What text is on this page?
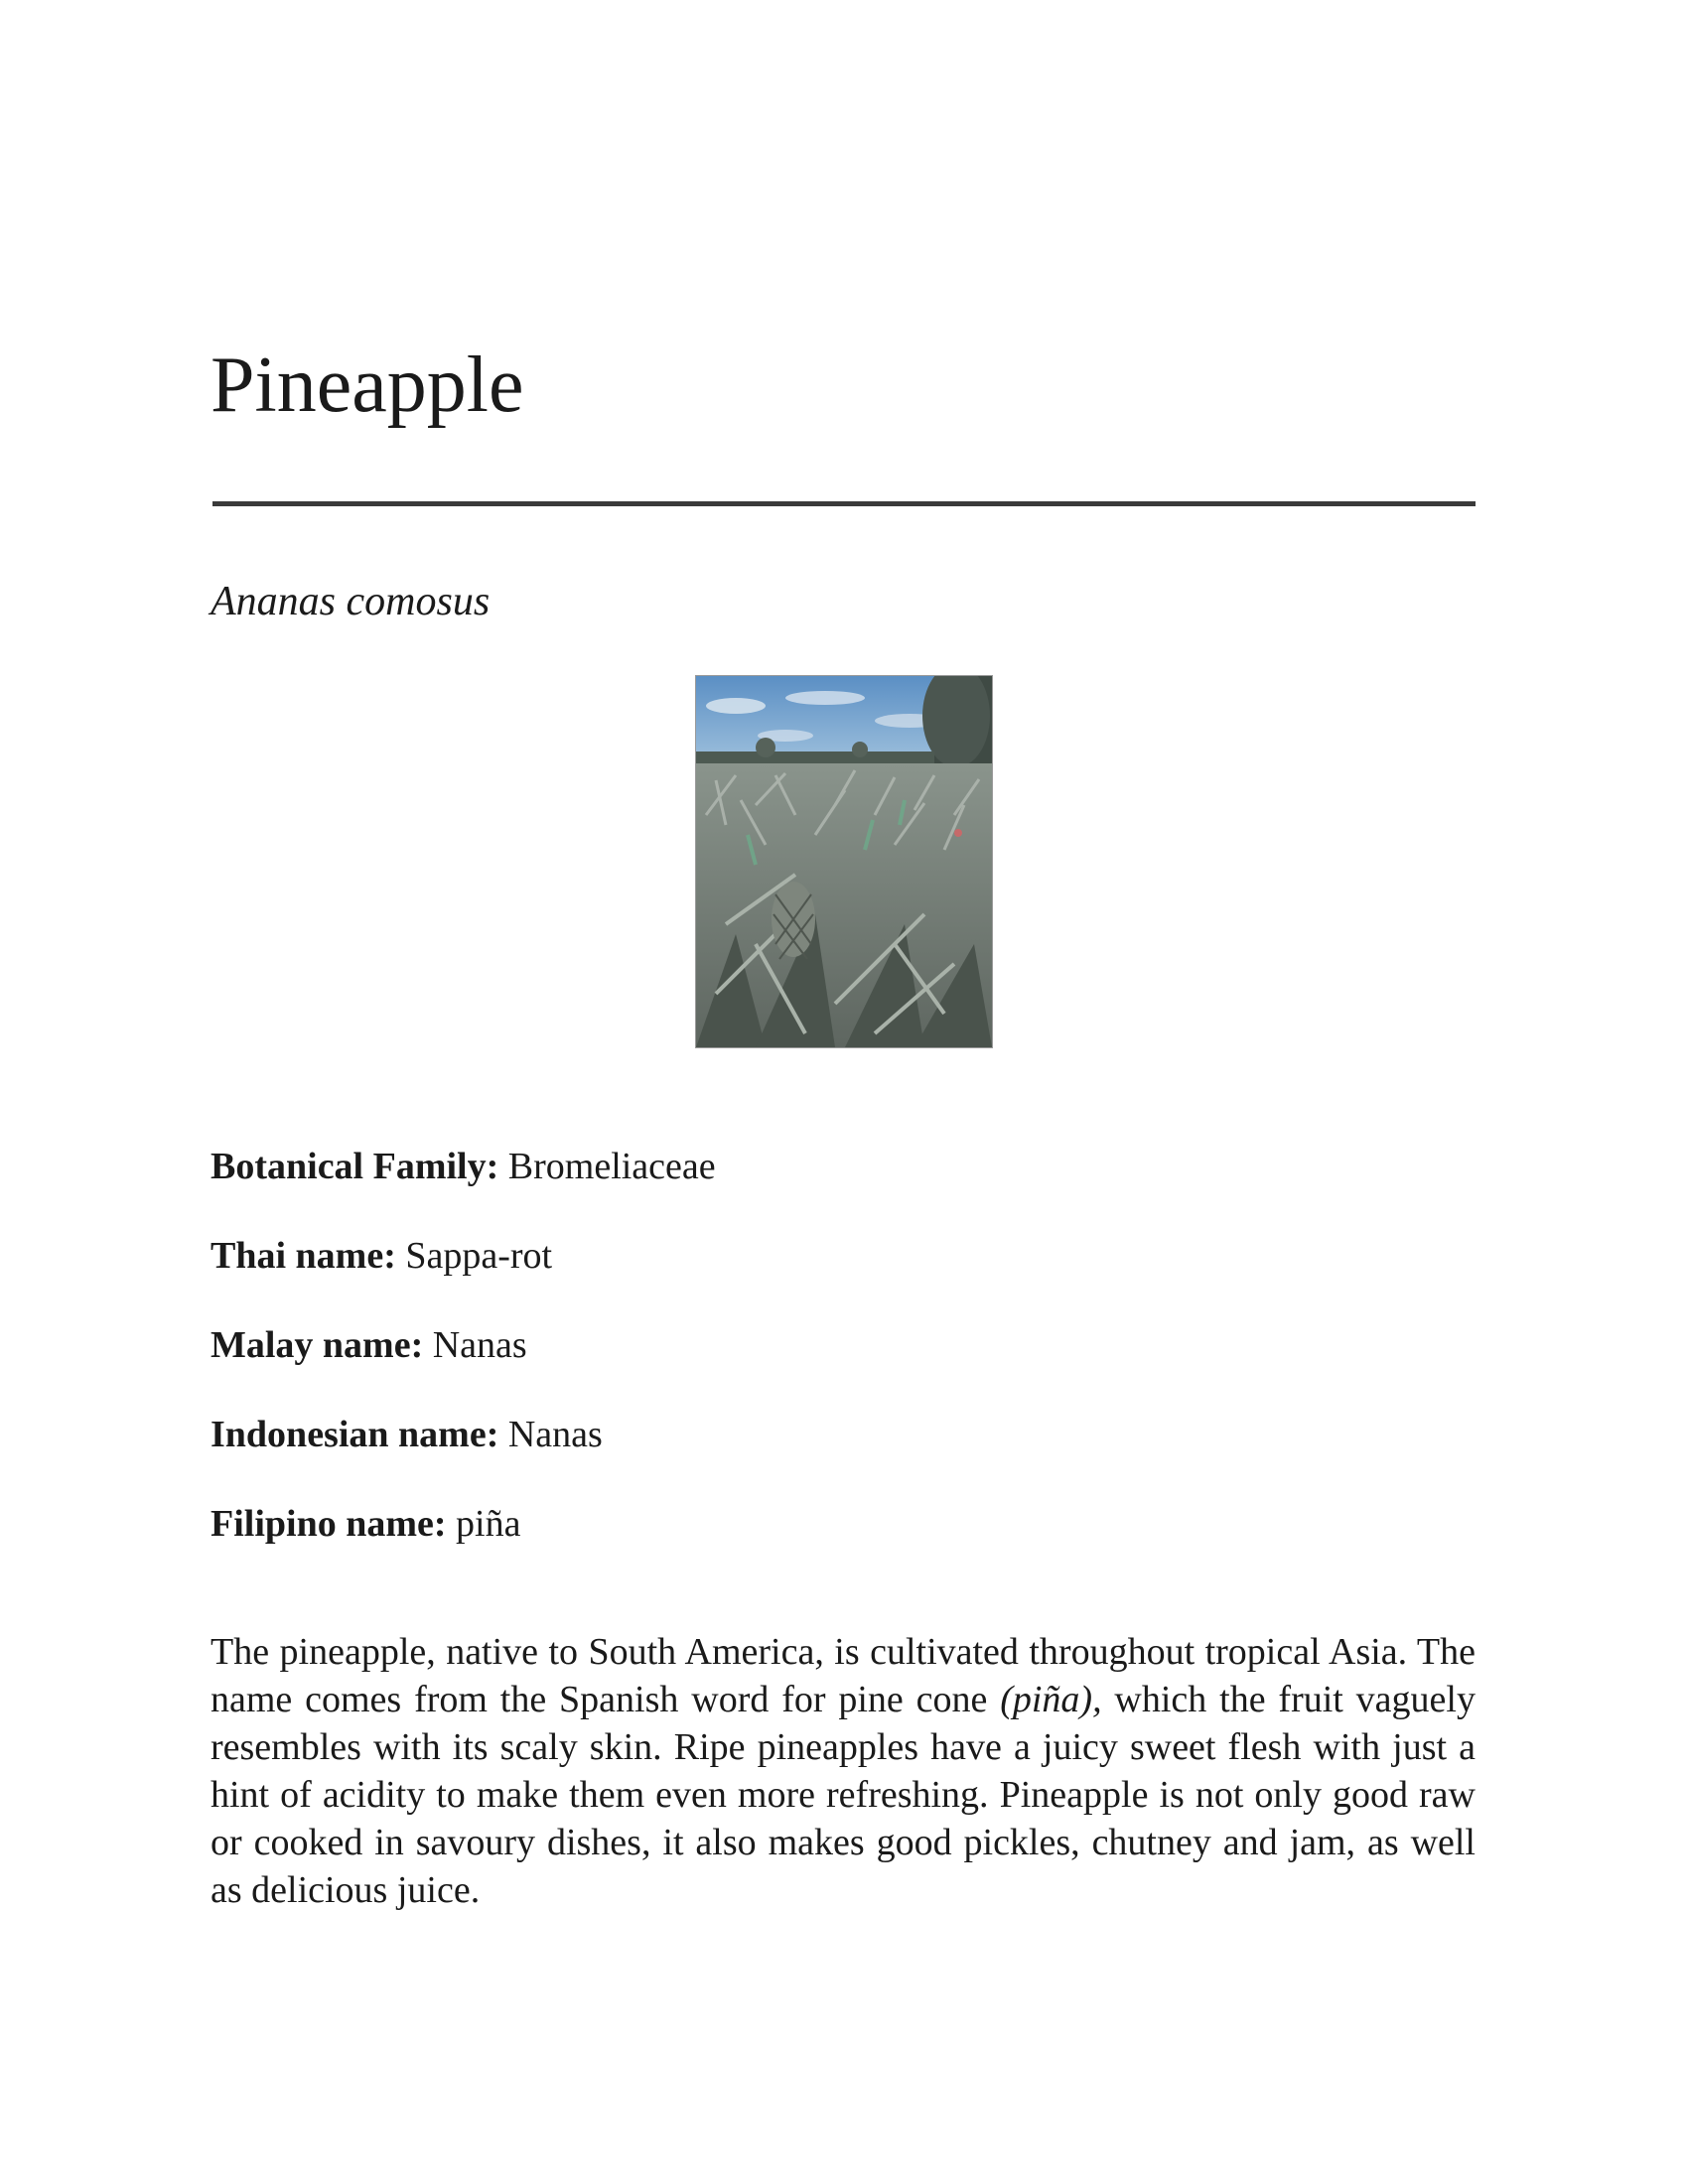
Pineapple
Ananas comosus
Botanical Family: Bromeliaceae
Thai name: Sappa-rot
Malay name: Nanas
Indonesian name: Nanas
Filipino name: piña

The pineapple, native to South America, is cultivated throughout tropical Asia. The name comes from the Spanish word for pine cone (piña), which the fruit vaguely resembles with its scaly skin. Ripe pineapples have a juicy sweet flesh with just a hint of acidity to make them even more refreshing. Pineapple is not only good raw or cooked in savoury dishes, it also makes good pickles, chutney and jam, as well as delicious juice.
